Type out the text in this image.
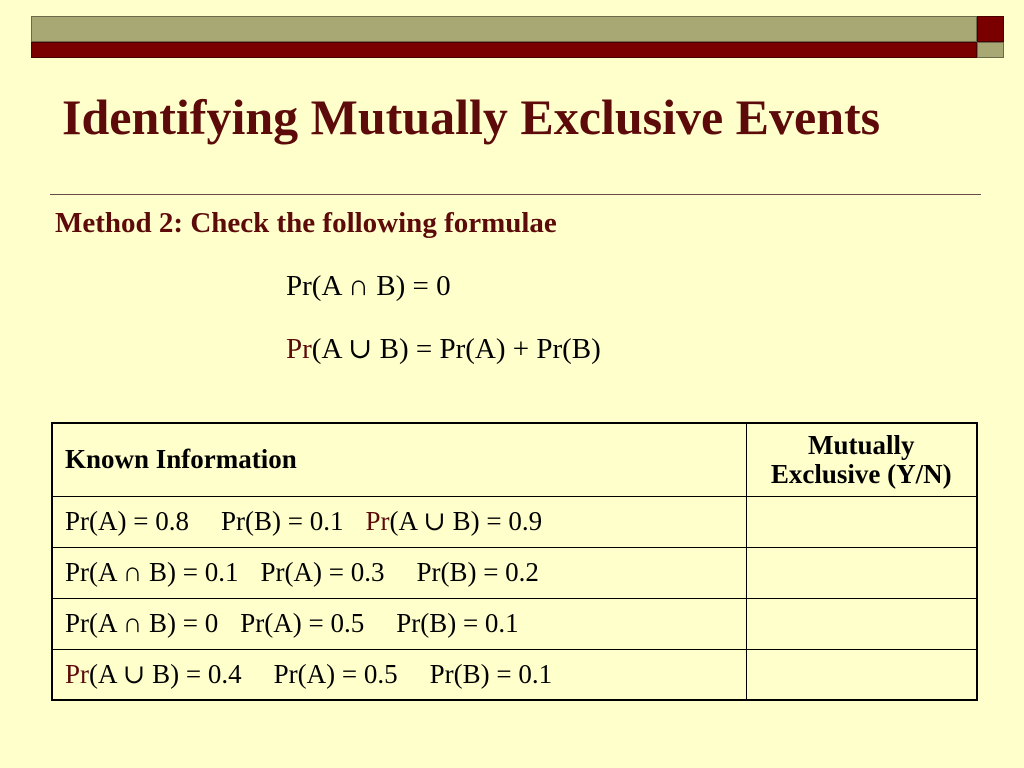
Identifying Mutually Exclusive Events
Method 2: Check the following formulae
Pr(A ∩ B) = 0
Pr(A ∪ B) = Pr(A) + Pr(B)
Known Information	Mutually
Exclusive (Y/N)

Pr(A) = 0.8 Pr(B) = 0.1 Pr(A ∪ B) = 0.9	
Pr(A ∩ B) = 0.1 Pr(A) = 0.3 Pr(B) = 0.2	
Pr(A ∩ B) = 0 Pr(A) = 0.5 Pr(B) = 0.1	
Pr(A ∪ B) = 0.4 Pr(A) = 0.5 Pr(B) = 0.1	
